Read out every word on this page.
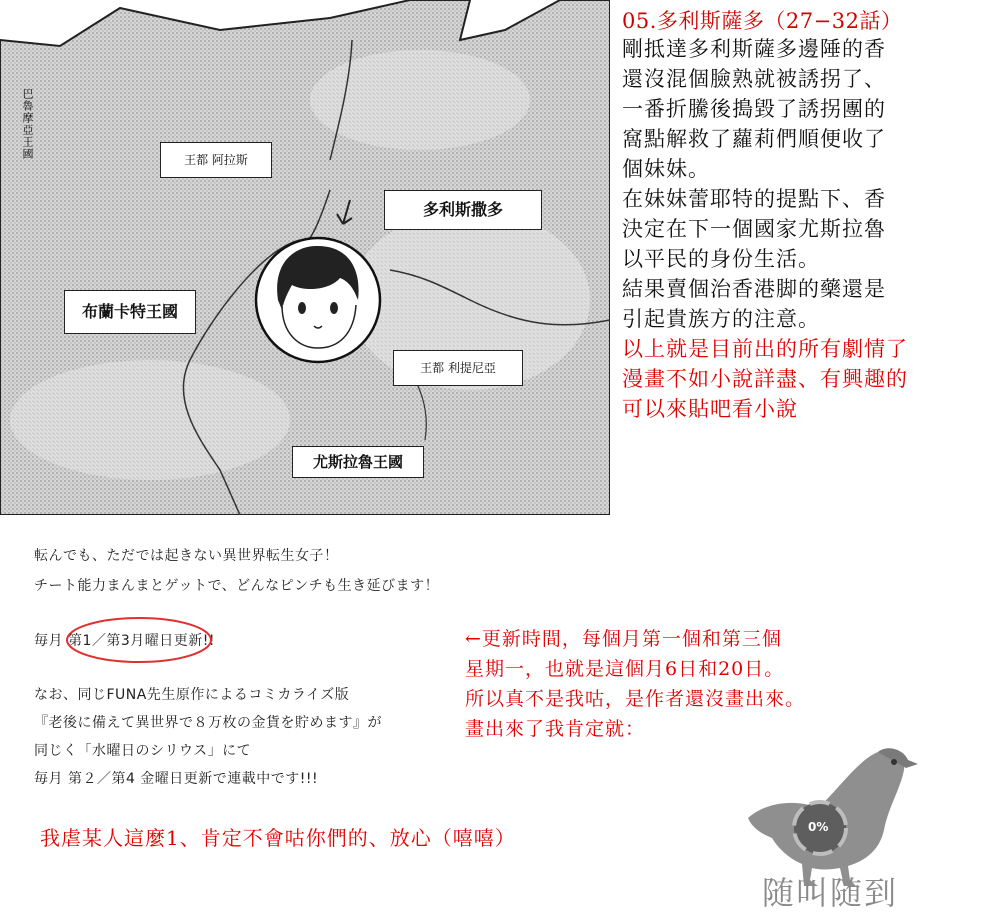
巴魯摩亞王國	王都 阿拉斯
多利斯撒多
布蘭卡特王國
王都 利提尼亞
尤斯拉魯王國
05.多利斯薩多（27−32話）
剛抵達多利斯薩多邊陲的香
還沒混個臉熟就被誘拐了、
一番折騰後搗毀了誘拐團的
窩點解救了蘿莉們順便收了
個妹妹。
在妹妹蕾耶特的提點下、香
決定在下一個國家尤斯拉魯
以平民的身份生活。
結果賣個治香港脚的藥還是
引起貴族方的注意。
以上就是目前出的所有劇情了
漫畫不如小說詳盡、有興趣的
可以來貼吧看小說
転んでも、ただでは起きない異世界転生女子！
チート能力まんまとゲットで、どんなピンチも生き延びます！
毎月 第1／第3月曜日更新!!
なお、同じFUNA先生原作によるコミカライズ版
『老後に備えて異世界で８万枚の金貨を貯めます』が
同じく「水曜日のシリウス」にて
毎月 第２／第4 金曜日更新で連載中です!!!
←更新時間，每個月第一個和第三個
星期一，也就是這個月6日和20日。
所以真不是我咕，是作者還沒畫出來。
畫出來了我肯定就：
我虐某人這麼1、肯定不會咕你們的、放心（嘻嘻）	0%
随叫随到
